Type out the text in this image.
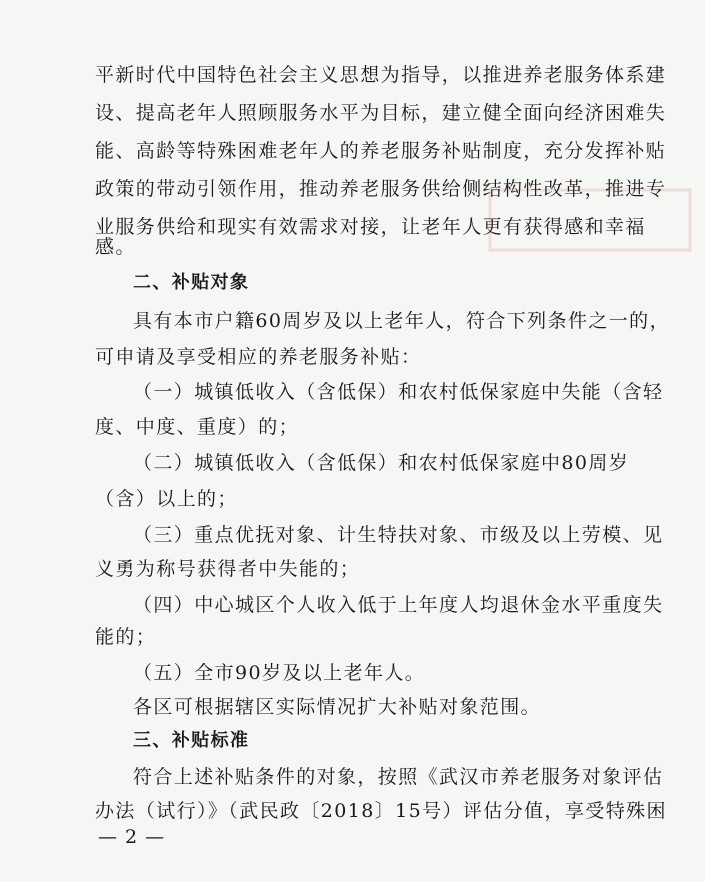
平新时代中国特色社会主义思想为指导，以推进养老服务体系建
设、提高老年人照顾服务水平为目标，建立健全面向经济困难失
能、高龄等特殊困难老年人的养老服务补贴制度，充分发挥补贴
政策的带动引领作用，推动养老服务供给侧结构性改革，推进专
业服务供给和现实有效需求对接，让老年人更有获得感和幸福
感。
二、补贴对象
具有本市户籍60周岁及以上老年人，符合下列条件之一的，
可申请及享受相应的养老服务补贴：
（一）城镇低收入（含低保）和农村低保家庭中失能（含轻
度、中度、重度）的；
（二）城镇低收入（含低保）和农村低保家庭中80周岁
（含）以上的；
（三）重点优抚对象、计生特扶对象、市级及以上劳模、见
义勇为称号获得者中失能的；
（四）中心城区个人收入低于上年度人均退休金水平重度失
能的；
（五）全市90岁及以上老年人。
各区可根据辖区实际情况扩大补贴对象范围。
三、补贴标准
符合上述补贴条件的对象，按照《武汉市养老服务对象评估
办法（试行）》（武民政〔2018〕15号）评估分值，享受特殊困
— 2 —
